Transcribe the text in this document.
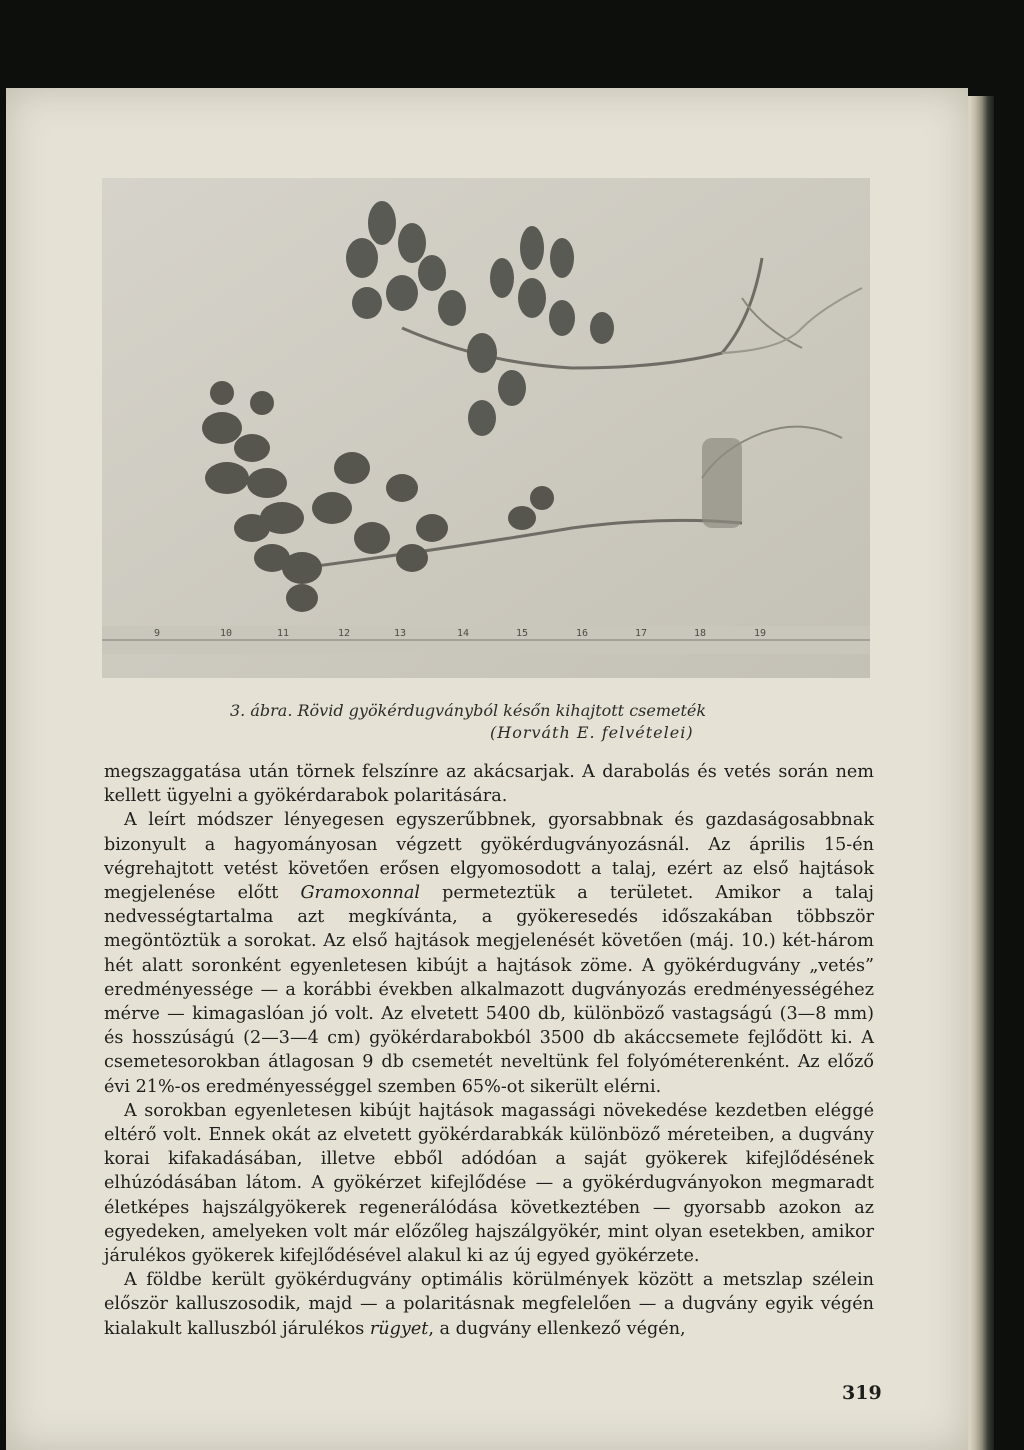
9	10	11	12	13	14	15	16	17	18	19
3. ábra. Rövid gyökérdugványból későn kihajtott csemeték
(Horváth E. felvételei)

megszaggatása után törnek felszínre az akácsarjak. A darabolás és vetés során nem kellett ügyelni a gyökérdarabok polaritására.

A leírt módszer lényegesen egyszerűbbnek, gyorsabbnak és gazdaságosabbnak bizonyult a hagyományosan végzett gyökérdugványozásnál. Az április 15-én végrehajtott vetést követően erősen elgyomosodott a talaj, ezért az első hajtások megjelenése előtt Gramoxonnal permeteztük a területet. Amikor a talaj nedvességtartalma azt megkívánta, a gyökeresedés időszakában többször megöntöztük a sorokat. Az első hajtások megjelenését követően (máj. 10.) két-három hét alatt soronként egyenletesen kibújt a hajtások zöme. A gyökérdugvány „vetés” eredményessége — a korábbi években alkalmazott dugványozás eredményességéhez mérve — kimagaslóan jó volt. Az elvetett 5400 db, különböző vastagságú (3—8 mm) és hosszúságú (2—3—4 cm) gyökérdarabokból 3500 db akáccsemete fejlődött ki. A csemetesorokban átlagosan 9 db csemetét neveltünk fel folyóméterenként. Az előző évi 21%-os eredményességgel szemben 65%-ot sikerült elérni.

A sorokban egyenletesen kibújt hajtások magassági növekedése kezdetben eléggé eltérő volt. Ennek okát az elvetett gyökérdarabkák különböző méreteiben, a dugvány korai kifakadásában, illetve ebből adódóan a saját gyökerek kifejlődésének elhúzódásában látom. A gyökérzet kifejlődése — a gyökérdugványokon megmaradt életképes hajszálgyökerek regenerálódása következtében — gyorsabb azokon az egyedeken, amelyeken volt már előzőleg hajszálgyökér, mint olyan esetekben, amikor járulékos gyökerek kifejlődésével alakul ki az új egyed gyökérzete.

A földbe került gyökérdugvány optimális körülmények között a metszlap szélein először kalluszosodik, majd — a polaritásnak megfelelően — a dugvány egyik végén kialakult kalluszból járulékos rügyet, a dugvány ellenkező végén,

319
